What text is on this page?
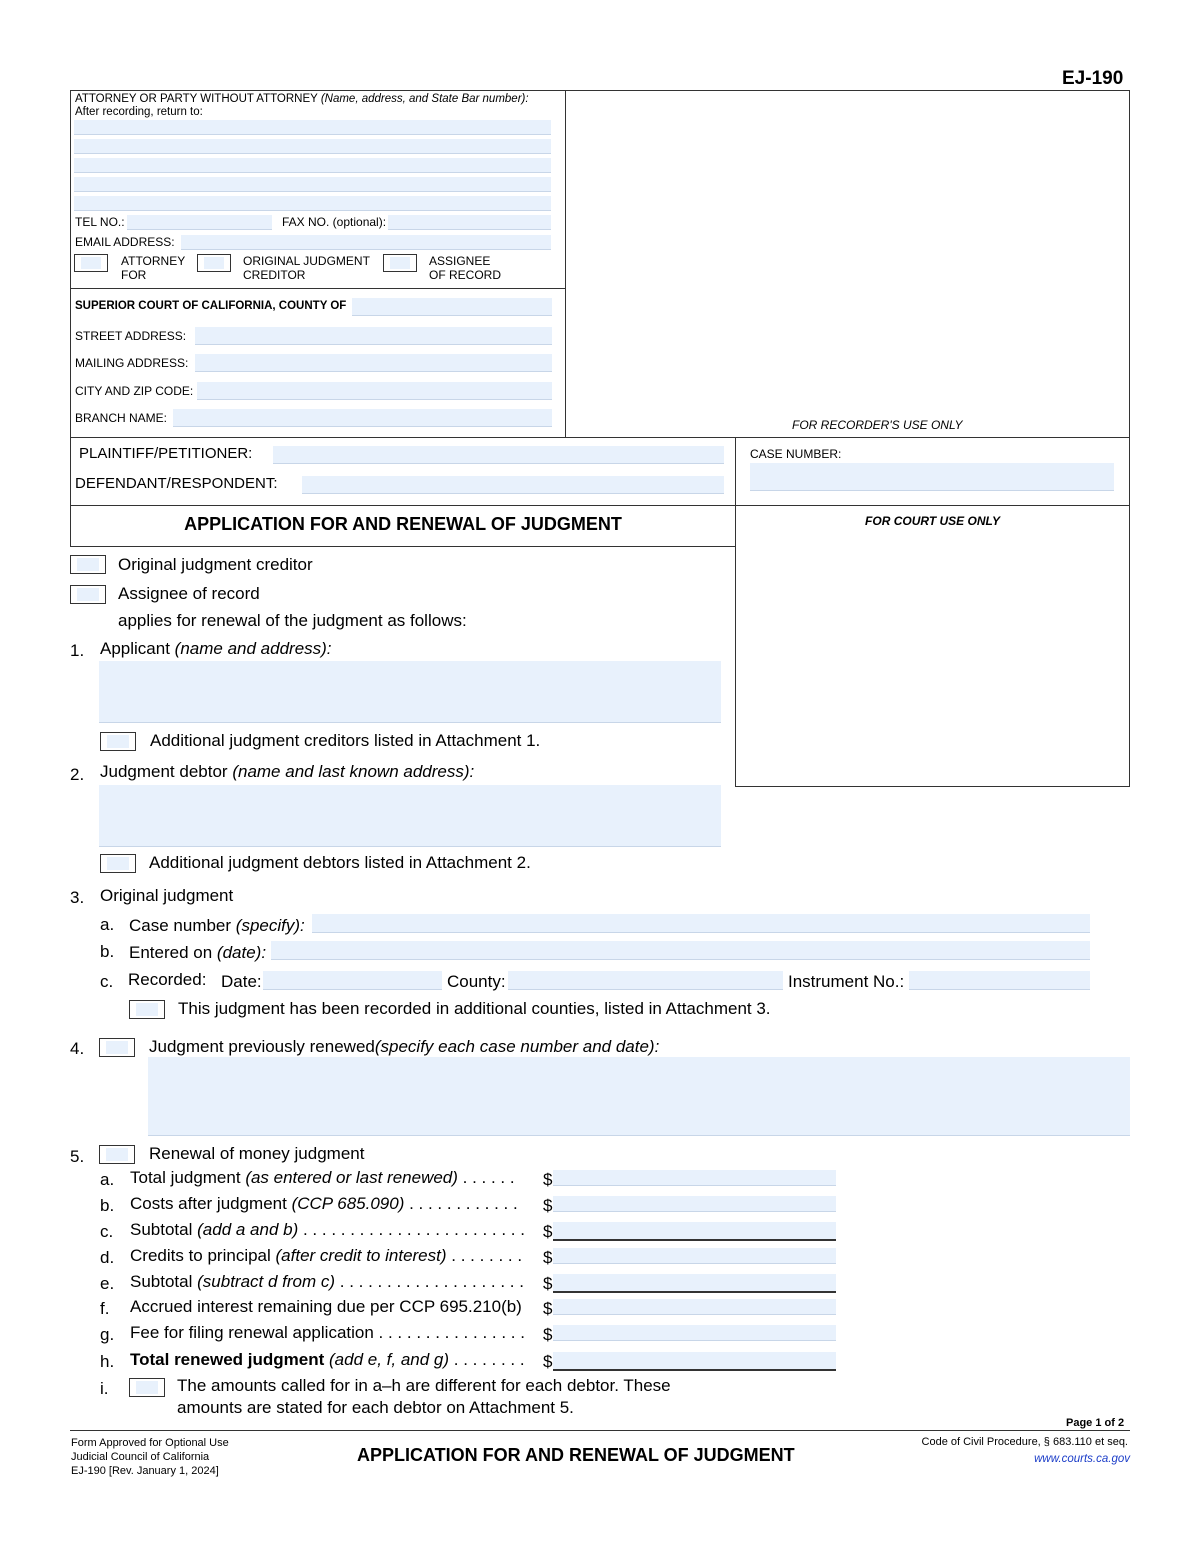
EJ-190
ATTORNEY OR PARTY WITHOUT ATTORNEY (Name, address, and State Bar number):
After recording, return to:
TEL NO.:	FAX NO. (optional):
EMAIL ADDRESS:
ATTORNEY
FOR
ORIGINAL JUDGMENT
CREDITOR
ASSIGNEE
OF RECORD
SUPERIOR COURT OF CALIFORNIA, COUNTY OF
STREET ADDRESS:
MAILING ADDRESS:
CITY AND ZIP CODE:
BRANCH NAME:	FOR RECORDER'S USE ONLY
PLAINTIFF/PETITIONER:
DEFENDANT/RESPONDENT:
CASE NUMBER:
APPLICATION FOR AND RENEWAL OF JUDGMENT	FOR COURT USE ONLY
Original judgment creditor
Assignee of record
applies for renewal of the judgment as follows:
1. Applicant (name and address):
Additional judgment creditors listed in Attachment 1.
2. Judgment debtor (name and last known address):
Additional judgment debtors listed in Attachment 2.
3. Original judgment
a. Case number (specify):
b. Entered on (date):
c. Recorded: Date:	County:	Instrument No.:
This judgment has been recorded in additional counties, listed in Attachment 3.
4.	Judgment previously renewed(specify each case number and date):
5.	Renewal of money judgment
a. Total judgment (as entered or last renewed) . . . . . . $
b. Costs after judgment (CCP 685.090) . . . . . . . . . . . . $
c. Subtotal (add a and b) . . . . . . . . . . . . . . . . . . . . . . . . $
d. Credits to principal (after credit to interest) . . . . . . . . $
e. Subtotal (subtract d from c) . . . . . . . . . . . . . . . . . . . . $
f. Accrued interest remaining due per CCP 695.210(b) $
g. Fee for filing renewal application . . . . . . . . . . . . . . . . $
h. Total renewed judgment (add e, f, and g) . . . . . . . . $
i.	The amounts called for in a–h are different for each debtor. These
amounts are stated for each debtor on Attachment 5.
Page 1 of 2
Form Approved for Optional Use
Judicial Council of California
EJ-190 [Rev. January 1, 2024]
APPLICATION FOR AND RENEWAL OF JUDGMENT
Code of Civil Procedure, § 683.110 et seq.
www.courts.ca.gov
